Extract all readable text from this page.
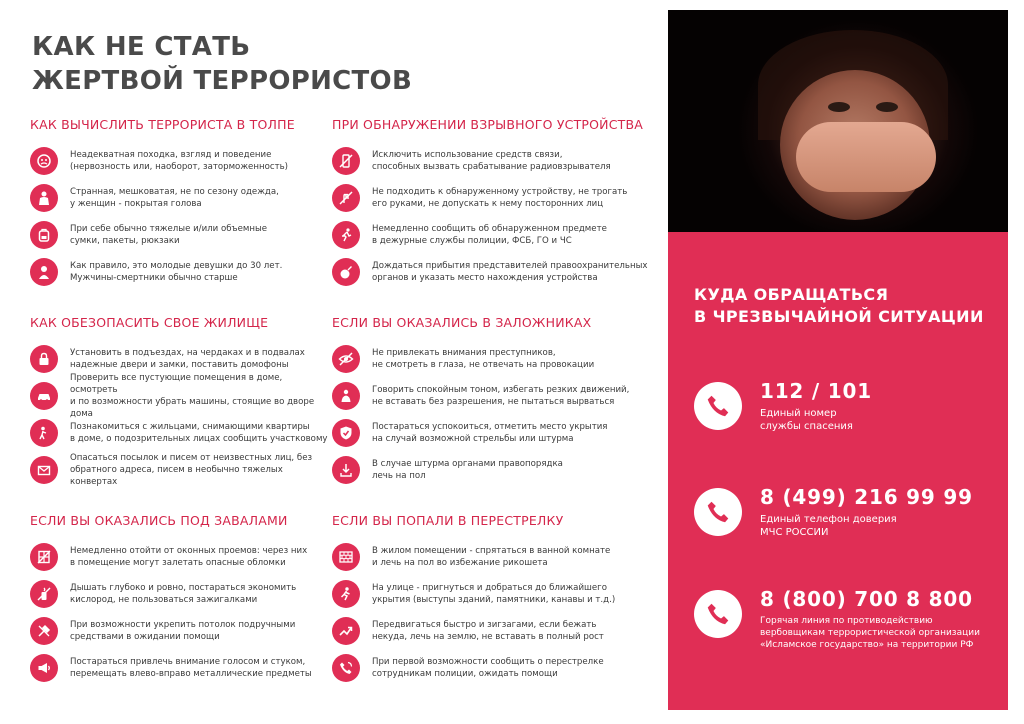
КАК НЕ СТАТЬ
ЖЕРТВОЙ ТЕРРОРИСТОВ
КАК ВЫЧИСЛИТЬ ТЕРРОРИСТА В ТОЛПЕ
Неадекватная походка, взгляд и поведение
(нервозность или, наоборот, заторможенность)
Странная, мешковатая, не по сезону одежда,
у женщин - покрытая голова
При себе обычно тяжелые и/или объемные
сумки, пакеты, рюкзаки
Как правило, это молодые девушки до 30 лет.
Мужчины-смертники обычно старше
ПРИ ОБНАРУЖЕНИИ ВЗРЫВНОГО УСТРОЙСТВА
Исключить использование средств связи,
способных вызвать срабатывание радиовзрывателя
Не подходить к обнаруженному устройству, не трогать
его руками, не допускать к нему посторонних лиц
Немедленно сообщить об обнаруженном предмете
в дежурные службы полиции, ФСБ, ГО и ЧС
Дождаться прибытия представителей правоохранительных
органов и указать место нахождения устройства
КАК ОБЕЗОПАСИТЬ СВОЕ ЖИЛИЩЕ
Установить в подъездах, на чердаках и в подвалах
надежные двери и замки, поставить домофоны
Проверить все пустующие помещения в доме, осмотреть
и по возможности убрать машины, стоящие во дворе дома
Познакомиться с жильцами, снимающими квартиры
в доме, о подозрительных лицах сообщить участковому
Опасаться посылок и писем от неизвестных лиц, без
обратного адреса, писем в необычно тяжелых конвертах
ЕСЛИ ВЫ ОКАЗАЛИСЬ В ЗАЛОЖНИКАХ
Не привлекать внимания преступников,
не смотреть в глаза, не отвечать на провокации
Говорить спокойным тоном, избегать резких движений,
не вставать без разрешения, не пытаться вырваться
Постараться успокоиться, отметить место укрытия
на случай возможной стрельбы или штурма
В случае штурма органами правопорядка
лечь на пол
ЕСЛИ ВЫ ОКАЗАЛИСЬ ПОД ЗАВАЛАМИ
Немедленно отойти от оконных проемов: через них
в помещение могут залетать опасные обломки
Дышать глубоко и ровно, постараться экономить
кислород, не пользоваться зажигалками
При возможности укрепить потолок подручными
средствами в ожидании помощи
Постараться привлечь внимание голосом и стуком,
перемещать влево-вправо металлические предметы
ЕСЛИ ВЫ ПОПАЛИ В ПЕРЕСТРЕЛКУ
В жилом помещении - спрятаться в ванной комнате
и лечь на пол во избежание рикошета
На улице - пригнуться и добраться до ближайшего
укрытия (выступы зданий, памятники, канавы и т.д.)
Передвигаться быстро и зигзагами, если бежать
некуда, лечь на землю, не вставать в полный рост
При первой возможности сообщить о перестрелке
сотрудникам полиции, ожидать помощи
КУДА ОБРАЩАТЬСЯ
В ЧРЕЗВЫЧАЙНОЙ СИТУАЦИИ
112 / 101
Единый номер
службы спасения
8 (499) 216 99 99
Единый телефон доверия
МЧС РОССИИ
8 (800) 700 8 800
Горячая линия по противодействию
вербовщикам террористической организации
«Исламское государство» на территории РФ
